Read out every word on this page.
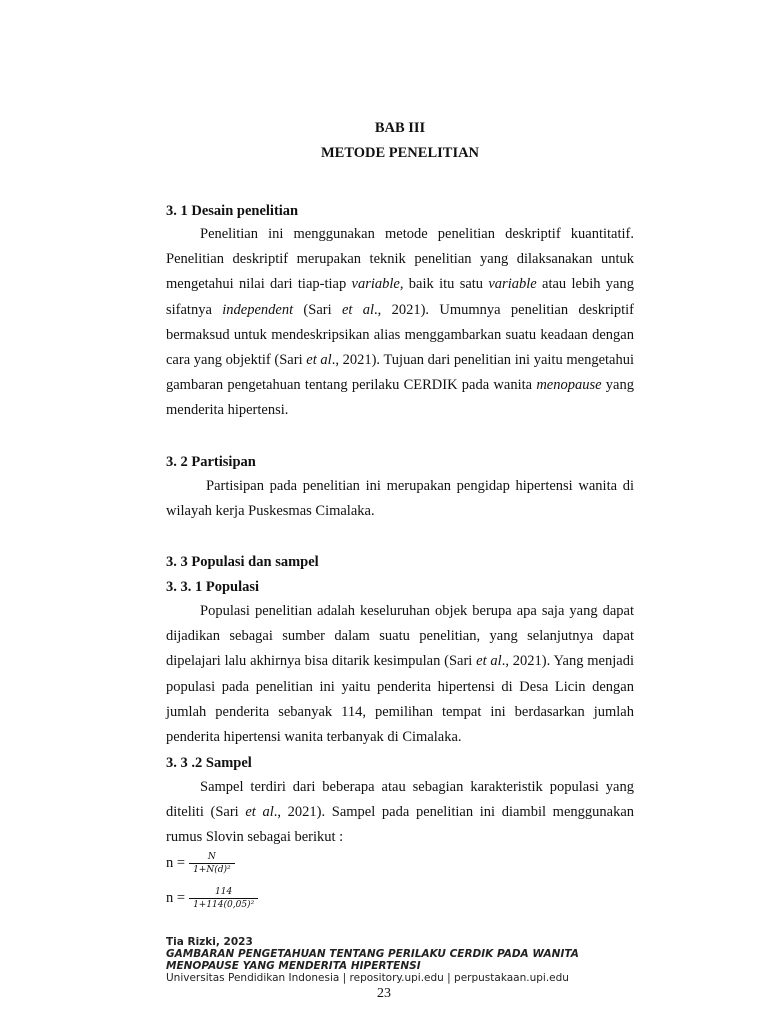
BAB III
METODE PENELITIAN
3. 1 Desain penelitian

Penelitian ini menggunakan metode penelitian deskriptif kuantitatif. Penelitian deskriptif merupakan teknik penelitian yang dilaksanakan untuk mengetahui nilai dari tiap-tiap variable, baik itu satu variable atau lebih yang sifatnya independent (Sari et al., 2021). Umumnya penelitian deskriptif bermaksud untuk mendeskripsikan alias menggambarkan suatu keadaan dengan cara yang objektif (Sari et al., 2021). Tujuan dari penelitian ini yaitu mengetahui gambaran pengetahuan tentang perilaku CERDIK pada wanita menopause yang menderita hipertensi.

3. 2 Partisipan

Partisipan pada penelitian ini merupakan pengidap hipertensi wanita di wilayah kerja Puskesmas Cimalaka.

3. 3 Populasi dan sampel
3. 3. 1 Populasi

Populasi penelitian adalah keseluruhan objek berupa apa saja yang dapat dijadikan sebagai sumber dalam suatu penelitian, yang selanjutnya dapat dipelajari lalu akhirnya bisa ditarik kesimpulan (Sari et al., 2021). Yang menjadi populasi pada penelitian ini yaitu penderita hipertensi di Desa Licin dengan jumlah penderita sebanyak 114, pemilihan tempat ini berdasarkan jumlah penderita hipertensi wanita terbanyak di Cimalaka.

3. 3 .2 Sampel

Sampel terdiri dari beberapa atau sebagian karakteristik populasi yang diteliti (Sari et al., 2021). Sampel pada penelitian ini diambil menggunakan rumus Slovin sebagai berikut :

$n = \frac{N}{\text{1+N(d)²}}$
$n = \frac{114}{\text{1+114(0,05)²}}$
Tia Rizki, 2023
GAMBARAN PENGETAHUAN TENTANG PERILAKU CERDIK PADA WANITA MENOPAUSE YANG MENDERITA HIPERTENSI
Universitas Pendidikan Indonesia | repository.upi.edu | perpustakaan.upi.edu
23
